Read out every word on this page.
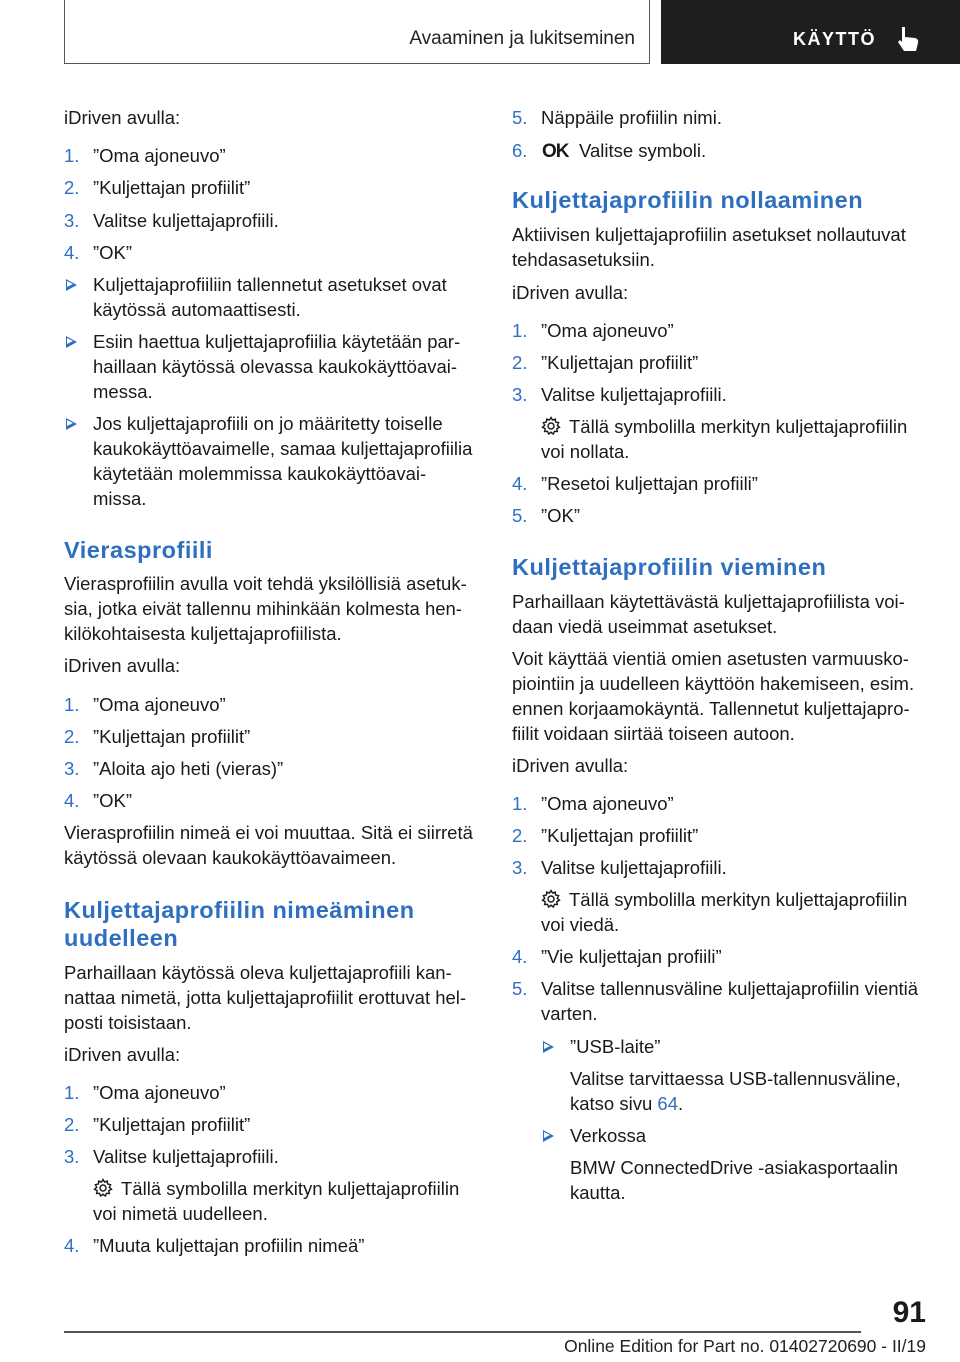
Avaaminen ja lukitseminen	KÄYTTÖ
iDriven avulla:
1. ”Oma ajoneuvo”
2. ”Kuljettajan profiilit”
3. Valitse kuljettajaprofiili.
4. ”OK”
Kuljettajaprofiiliin tallennetut asetukset ovat
käytössä automaattisesti.
Esiin haettua kuljettajaprofiilia käytetään par-
haillaan käytössä olevassa kaukokäyttöavai-
messa.
Jos kuljettajaprofiili on jo määritetty toiselle
kaukokäyttöavaimelle, samaa kuljettajaprofiilia
käytetään molemmissa kaukokäyttöavai-
missa.
Vierasprofiili
Vierasprofiilin avulla voit tehdä yksilöllisiä asetuk-
sia, jotka eivät tallennu mihinkään kolmesta hen-
kilökohtaisesta kuljettajaprofiilista.
iDriven avulla:
1. ”Oma ajoneuvo”
2. ”Kuljettajan profiilit”
3. ”Aloita ajo heti (vieras)”
4. ”OK”
Vierasprofiilin nimeä ei voi muuttaa. Sitä ei siirretä
käytössä olevaan kaukokäyttöavaimeen.
Kuljettajaprofiilin nimeäminen
uudelleen
Parhaillaan käytössä oleva kuljettajaprofiili kan-
nattaa nimetä, jotta kuljettajaprofiilit erottuvat hel-
posti toisistaan.
iDriven avulla:
1. ”Oma ajoneuvo”
2. ”Kuljettajan profiilit”
3. Valitse kuljettajaprofiili.
Tällä symbolilla merkityn kuljettajaprofiilin
voi nimetä uudelleen.
4. ”Muuta kuljettajan profiilin nimeä”
5. Näppäile profiilin nimi.
6. OK Valitse symboli.
Kuljettajaprofiilin nollaaminen
Aktiivisen kuljettajaprofiilin asetukset nollautuvat
tehdasasetuksiin.
iDriven avulla:
1. ”Oma ajoneuvo”
2. ”Kuljettajan profiilit”
3. Valitse kuljettajaprofiili.
Tällä symbolilla merkityn kuljettajaprofiilin
voi nollata.
4. ”Resetoi kuljettajan profiili”
5. ”OK”
Kuljettajaprofiilin vieminen
Parhaillaan käytettävästä kuljettajaprofiilista voi-
daan viedä useimmat asetukset.
Voit käyttää vientiä omien asetusten varmuusko-
piointiin ja uudelleen käyttöön hakemiseen, esim.
ennen korjaamokäyntä. Tallennetut kuljettajapro-
fiilit voidaan siirtää toiseen autoon.
iDriven avulla:
1. ”Oma ajoneuvo”
2. ”Kuljettajan profiilit”
3. Valitse kuljettajaprofiili.
Tällä symbolilla merkityn kuljettajaprofiilin
voi viedä.
4. ”Vie kuljettajan profiili”
5. Valitse tallennusväline kuljettajaprofiilin vientiä
varten.
”USB-laite”
Valitse tarvittaessa USB-tallennusväline,
katso sivu 64.
Verkossa
BMW ConnectedDrive -asiakasportaalin
kautta.
91
Online Edition for Part no. 01402720690 - II/19
